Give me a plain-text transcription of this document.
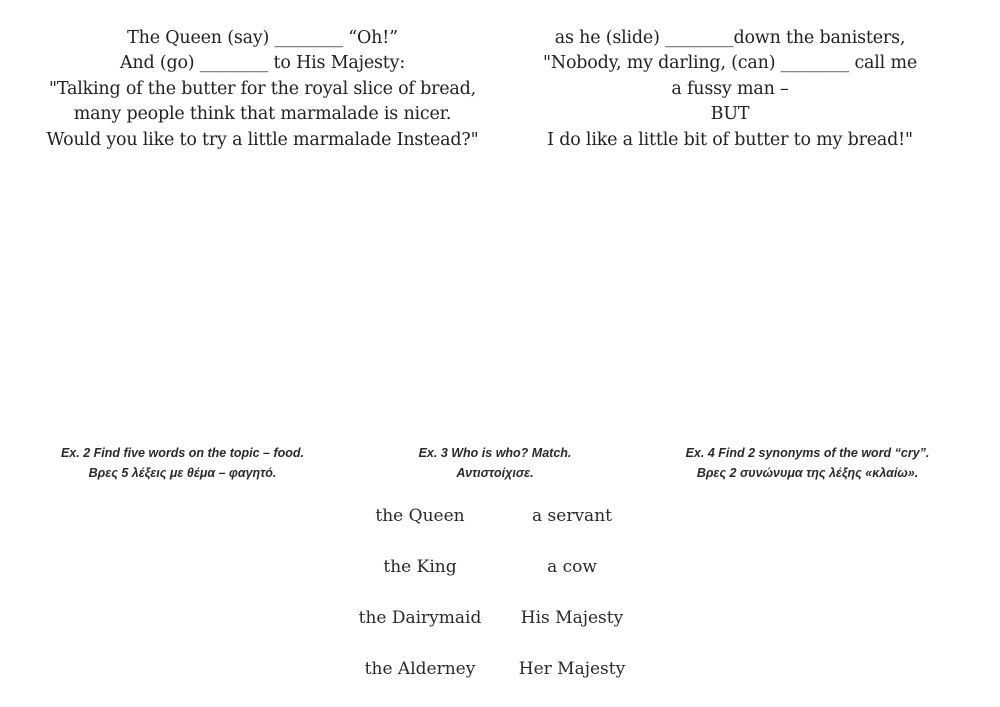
The Queen (say) ________ “Oh!”
And (go) ________ to His Majesty:
"Talking of the butter for the royal slice of bread,
many people think that marmalade is nicer.
Would you like to try a little marmalade Instead?"
as he (slide) ________down the banisters,
"Nobody, my darling, (can) ________ call me
a fussy man –
BUT
I do like a little bit of butter to my bread!"
Ex. 2 Find five words on the topic – food.
Βρες 5 λέξεις με θέμα – φαγητό.
Ex. 3 Who is who? Match.
Αντιστοίχισε.
Ex. 4 Find 2 synonyms of the word “cry”.
Βρες 2 συνώνυμα της λέξης «κλαίω».
the Queen
the King
the Dairymaid
the Alderney
a servant
a cow
His Majesty
Her Majesty
